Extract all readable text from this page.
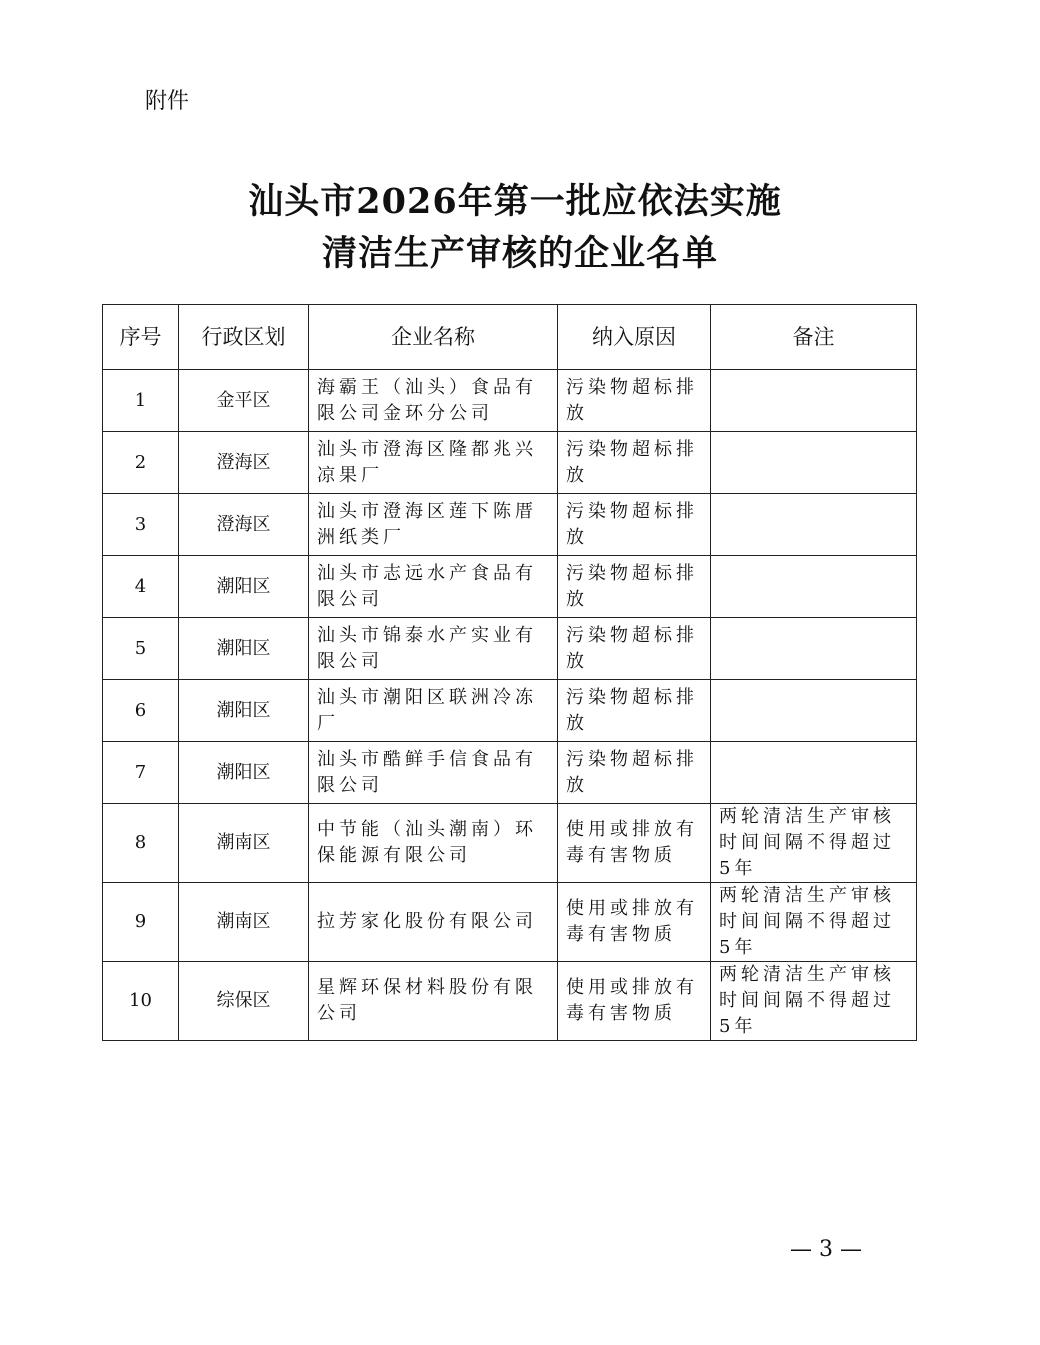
附件
汕头市2026年第一批应依法实施
清洁生产审核的企业名单
序号	行政区划	企业名称	纳入原因	备注
1	金平区	海霸王（汕头）食品有限公司金环分公司	污染物超标排放	
2	澄海区	汕头市澄海区隆都兆兴凉果厂	污染物超标排放	
3	澄海区	汕头市澄海区莲下陈厝洲纸类厂	污染物超标排放	
4	潮阳区	汕头市志远水产食品有限公司	污染物超标排放	
5	潮阳区	汕头市锦泰水产实业有限公司	污染物超标排放	
6	潮阳区	汕头市潮阳区联洲冷冻厂	污染物超标排放	
7	潮阳区	汕头市酷鲜手信食品有限公司	污染物超标排放	
8	潮南区	中节能（汕头潮南）环保能源有限公司	使用或排放有毒有害物质	两轮清洁生产审核时间间隔不得超过5年
9	潮南区	拉芳家化股份有限公司	使用或排放有毒有害物质	两轮清洁生产审核时间间隔不得超过5年
10	综保区	星辉环保材料股份有限公司	使用或排放有毒有害物质	两轮清洁生产审核时间间隔不得超过5年
— 3 —
